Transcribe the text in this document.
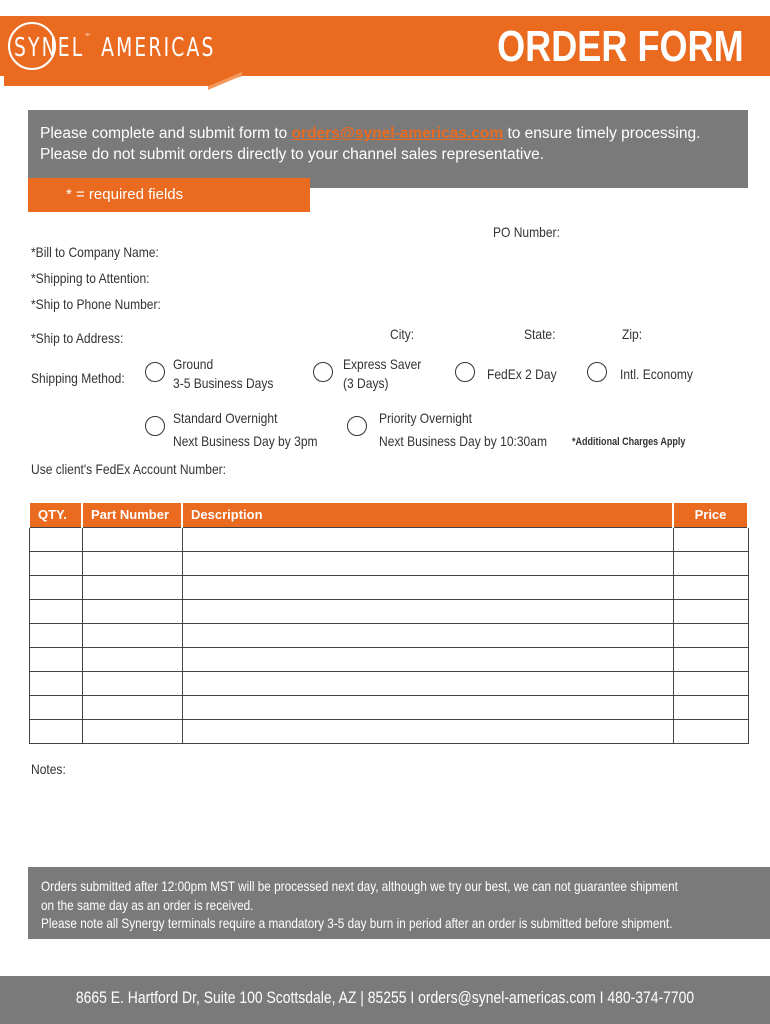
SYNEL™ AMERICAS	ORDER FORM
Please complete and submit form to orders@synel-americas.com to ensure timely processing. Please do not submit orders directly to your channel sales representative.
* = required fields
PO Number:
*Bill to Company Name:
*Shipping to Attention:
*Ship to Phone Number:
*Ship to Address:	City:	State:	Zip:
Shipping Method:
Ground
3-5 Business Days
Express Saver
(3 Days)
FedEx 2 Day	Intl. Economy
Standard Overnight
Next Business Day by 3pm
Priority Overnight
Next Business Day by 10:30am *Additional Charges Apply
Use client's FedEx Account Number:
QTY.	Part Number	Description	Price

Notes:
Orders submitted after 12:00pm MST will be processed next day, although we try our best, we can not guarantee shipment
on the same day as an order is received.
Please note all Synergy terminals require a mandatory 3-5 day burn in period after an order is submitted before shipment.
8665 E. Hartford Dr, Suite 100 Scottsdale, AZ | 85255 I orders@synel-americas.com I 480-374-7700
